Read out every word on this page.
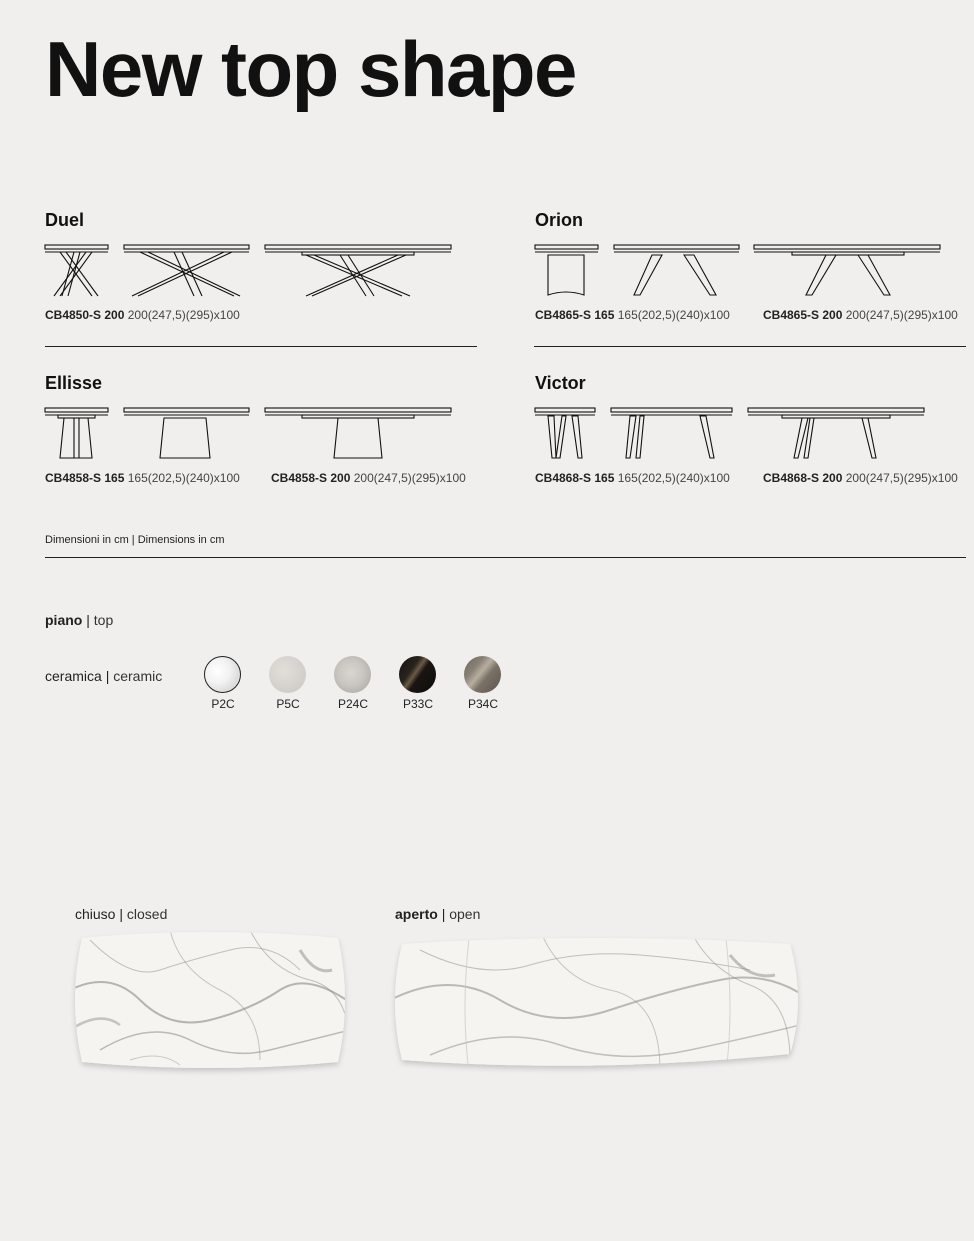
New top shape
Duel
CB4850-S 200 200(247,5)(295)x100
Orion
CB4865-S 165 165(202,5)(240)x100	CB4865-S 200 200(247,5)(295)x100
Ellisse
CB4858-S 165 165(202,5)(240)x100	CB4858-S 200 200(247,5)(295)x100
Victor
CB4868-S 165 165(202,5)(240)x100	CB4868-S 200 200(247,5)(295)x100
Dimensioni in cm | Dimensions in cm
piano | top
ceramica | ceramic
P2C	P5C	P24C	P33C	P34C
chiuso | closed	aperto | open
